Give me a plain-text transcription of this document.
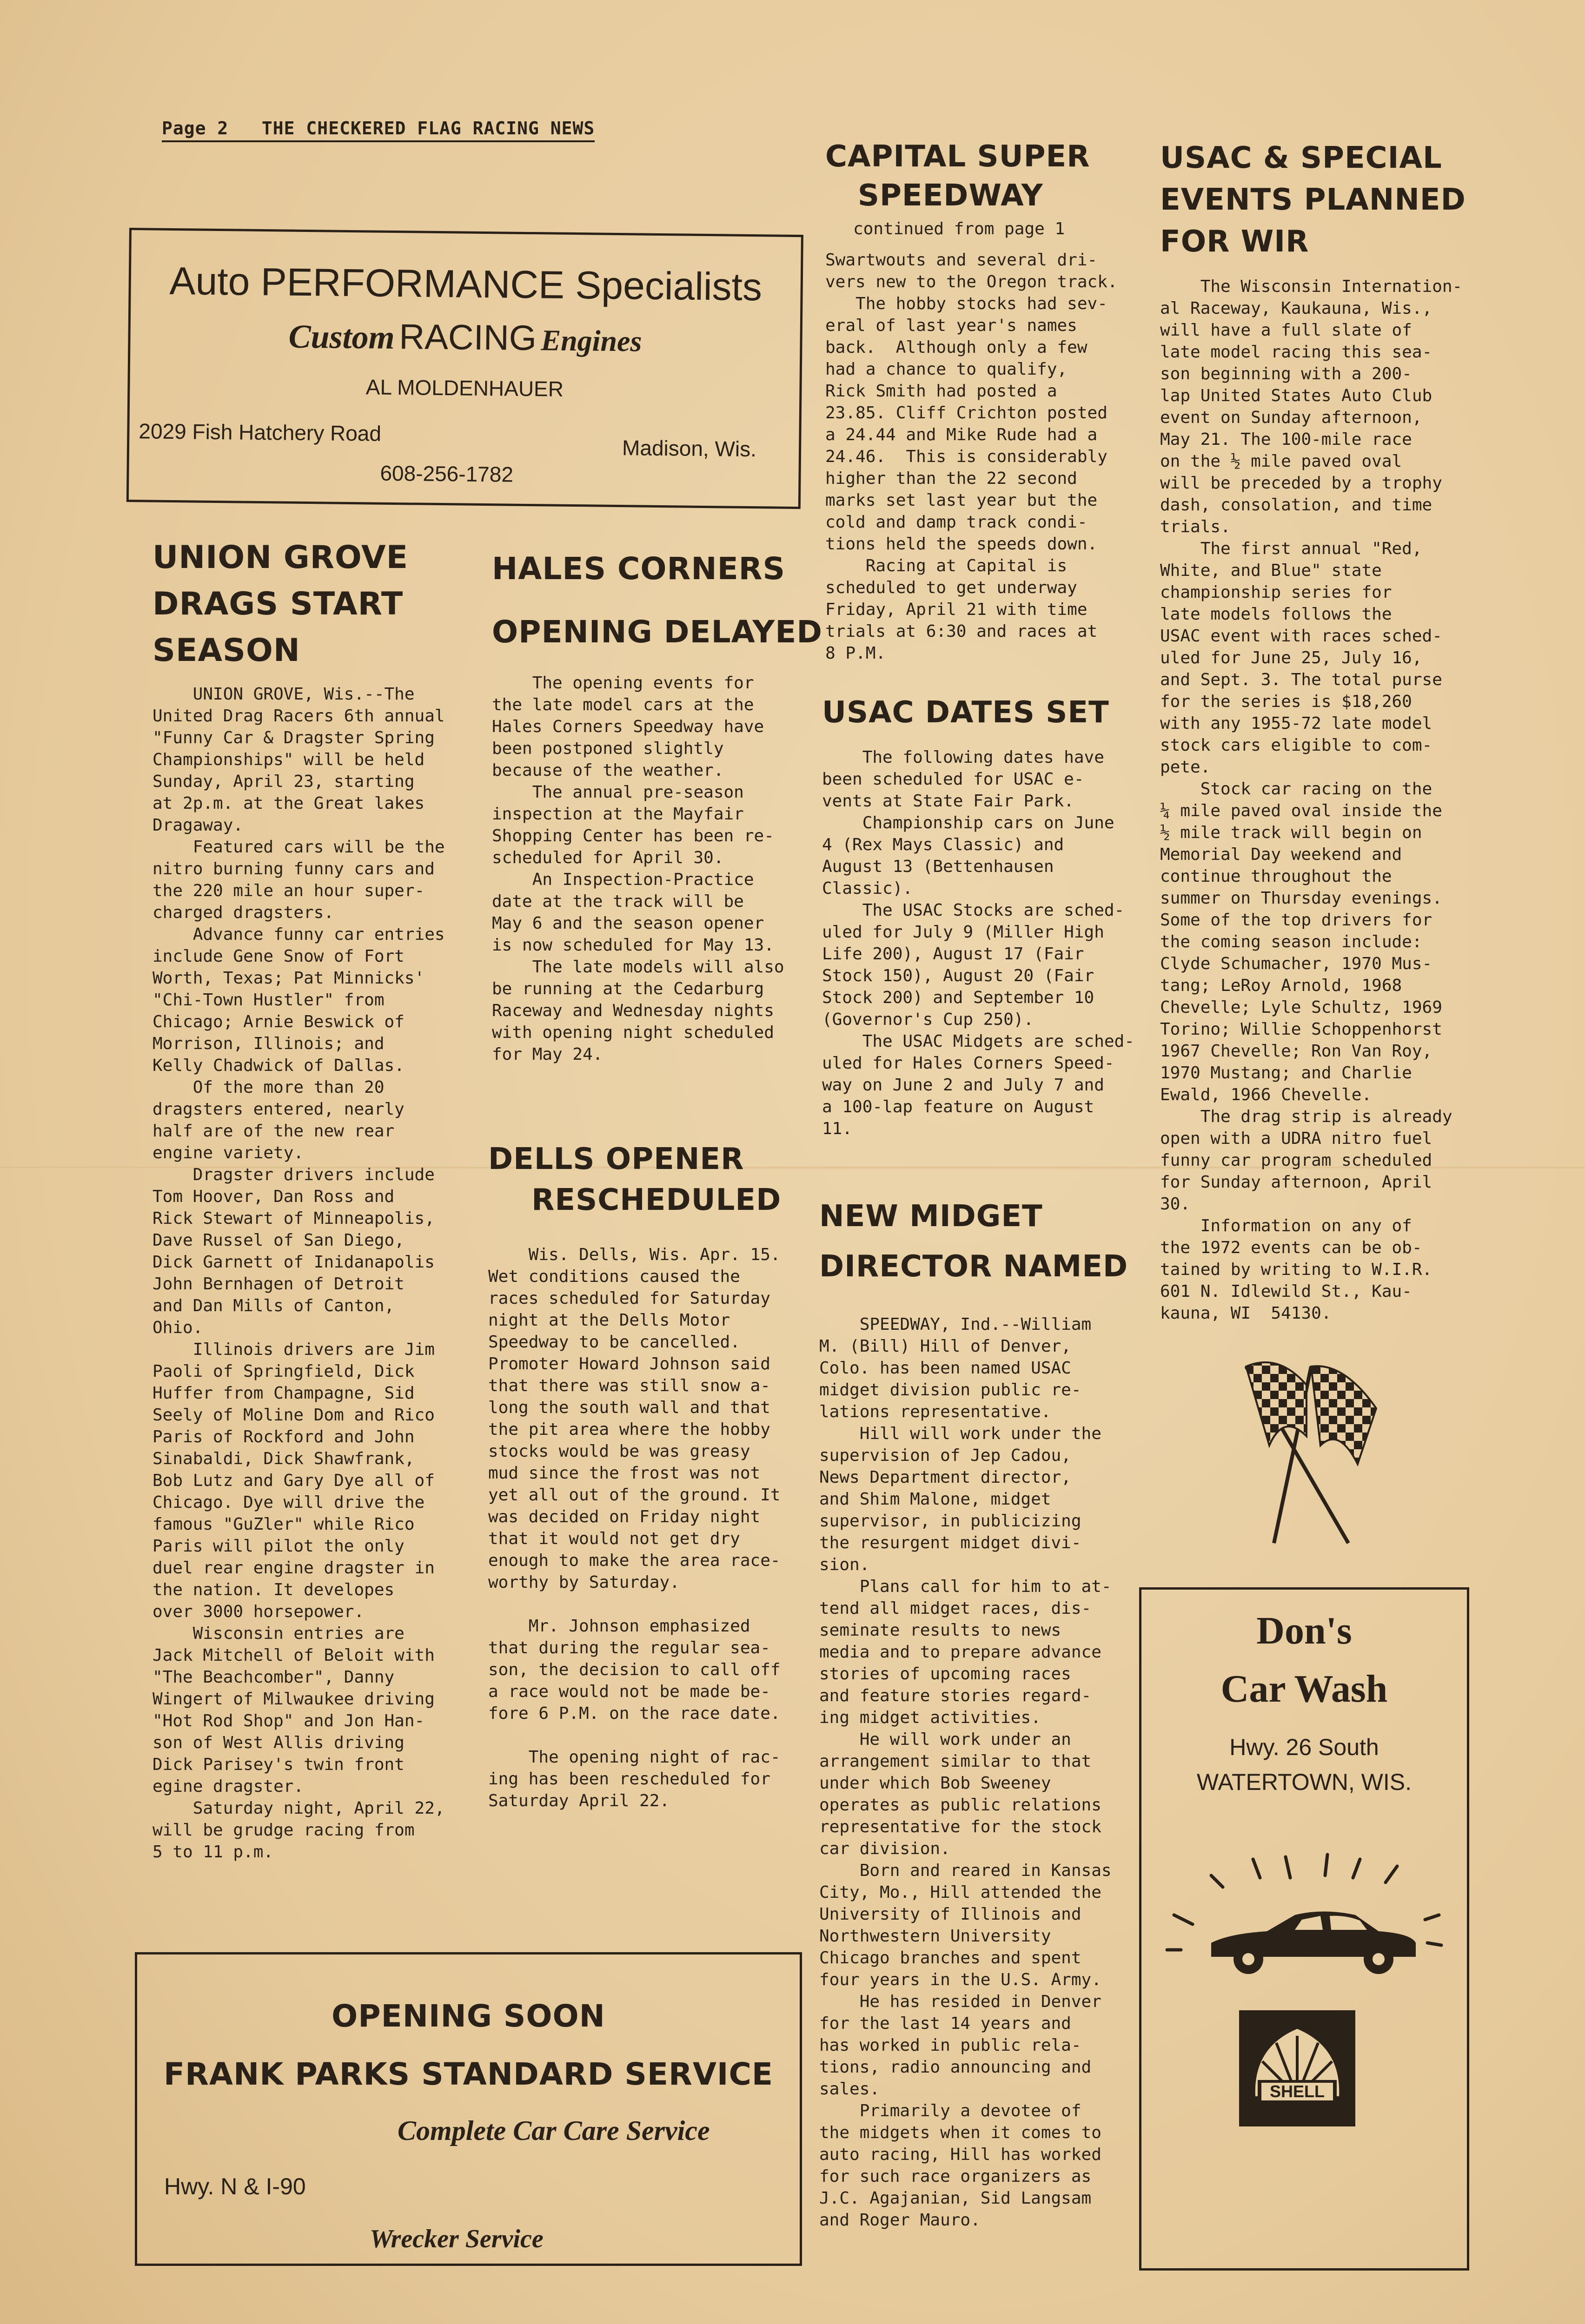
Page 2 THE CHECKERED FLAG RACING NEWS
Auto PERFORMANCE Specialists
Custom RACING Engines
AL MOLDENHAUER
2029 Fish Hatchery Road
Madison, Wis.
608-256-1782
UNION GROVE
DRAGS START
SEASON
UNION GROVE, Wis.--The
United Drag Racers 6th annual
"Funny Car & Dragster Spring
Championships" will be held
Sunday, April 23, starting
at 2p.m. at the Great lakes
Dragaway.
Featured cars will be the
nitro burning funny cars and
the 220 mile an hour super-
charged dragsters.
Advance funny car entries
include Gene Snow of Fort
Worth, Texas; Pat Minnicks'
"Chi-Town Hustler" from
Chicago; Arnie Beswick of
Morrison, Illinois; and
Kelly Chadwick of Dallas.
Of the more than 20
dragsters entered, nearly
half are of the new rear
engine variety.
Dragster drivers include
Tom Hoover, Dan Ross and
Rick Stewart of Minneapolis,
Dave Russel of San Diego,
Dick Garnett of Inidanapolis
John Bernhagen of Detroit
and Dan Mills of Canton,
Ohio.
Illinois drivers are Jim
Paoli of Springfield, Dick
Huffer from Champagne, Sid
Seely of Moline Dom and Rico
Paris of Rockford and John
Sinabaldi, Dick Shawfrank,
Bob Lutz and Gary Dye all of
Chicago. Dye will drive the
famous "GuZler" while Rico
Paris will pilot the only
duel rear engine dragster in
the nation. It developes
over 3000 horsepower.
Wisconsin entries are
Jack Mitchell of Beloit with
"The Beachcomber", Danny
Wingert of Milwaukee driving
"Hot Rod Shop" and Jon Han-
son of West Allis driving
Dick Parisey's twin front
egine dragster.
Saturday night, April 22,
will be grudge racing from
5 to 11 p.m.
HALES CORNERS

OPENING DELAYED
The opening events for
the late model cars at the
Hales Corners Speedway have
been postponed slightly
because of the weather.
The annual pre-season
inspection at the Mayfair
Shopping Center has been re-
scheduled for April 30.
An Inspection-Practice
date at the track will be
May 6 and the season opener
is now scheduled for May 13.
The late models will also
be running at the Cedarburg
Raceway and Wednesday nights
with opening night scheduled
for May 24.
DELLS OPENER
RESCHEDULED
Wis. Dells, Wis. Apr. 15.
Wet conditions caused the
races scheduled for Saturday
night at the Dells Motor
Speedway to be cancelled.
Promoter Howard Johnson said
that there was still snow a-
long the south wall and that
the pit area where the hobby
stocks would be was greasy
mud since the frost was not
yet all out of the ground. It
was decided on Friday night
that it would not get dry
enough to make the area race-
worthy by Saturday.

Mr. Johnson emphasized
that during the regular sea-
son, the decision to call off
a race would not be made be-
fore 6 P.M. on the race date.

The opening night of rac-
ing has been rescheduled for
Saturday April 22.
CAPITAL SUPER
SPEEDWAY
continued from page 1
Swartwouts and several dri-
vers new to the Oregon track.
The hobby stocks had sev-
eral of last year's names
back.  Although only a few
had a chance to qualify,
Rick Smith had posted a
23.85. Cliff Crichton posted
a 24.44 and Mike Rude had a
24.46.  This is considerably
higher than the 22 second
marks set last year but the
cold and damp track condi-
tions held the speeds down.
Racing at Capital is
scheduled to get underway
Friday, April 21 with time
trials at 6:30 and races at
8 P.M.
USAC DATES SET
The following dates have
been scheduled for USAC e-
vents at State Fair Park.
Championship cars on June
4 (Rex Mays Classic) and
August 13 (Bettenhausen
Classic).
The USAC Stocks are sched-
uled for July 9 (Miller High
Life 200), August 17 (Fair
Stock 150), August 20 (Fair
Stock 200) and September 10
(Governor's Cup 250).
The USAC Midgets are sched-
uled for Hales Corners Speed-
way on June 2 and July 7 and
a 100-lap feature on August
11.
NEW MIDGET

DIRECTOR NAMED
SPEEDWAY, Ind.--William
M. (Bill) Hill of Denver,
Colo. has been named USAC
midget division public re-
lations representative.
Hill will work under the
supervision of Jep Cadou,
News Department director,
and Shim Malone, midget
supervisor, in publicizing
the resurgent midget divi-
sion.
Plans call for him to at-
tend all midget races, dis-
seminate results to news
media and to prepare advance
stories of upcoming races
and feature stories regard-
ing midget activities.
He will work under an
arrangement similar to that
under which Bob Sweeney
operates as public relations
representative for the stock
car division.
Born and reared in Kansas
City, Mo., Hill attended the
University of Illinois and
Northwestern University
Chicago branches and spent
four years in the U.S. Army.
He has resided in Denver
for the last 14 years and
has worked in public rela-
tions, radio announcing and
sales.
Primarily a devotee of
the midgets when it comes to
auto racing, Hill has worked
for such race organizers as
J.C. Agajanian, Sid Langsam
and Roger Mauro.
USAC & SPECIAL
EVENTS PLANNED
FOR WIR
The Wisconsin Internation-
al Raceway, Kaukauna, Wis.,
will have a full slate of
late model racing this sea-
son beginning with a 200-
lap United States Auto Club
event on Sunday afternoon,
May 21. The 100-mile race
on the ½ mile paved oval
will be preceded by a trophy
dash, consolation, and time
trials.
The first annual "Red,
White, and Blue" state
championship series for
late models follows the
USAC event with races sched-
uled for June 25, July 16,
and Sept. 3. The total purse
for the series is $18,260
with any 1955-72 late model
stock cars eligible to com-
pete.
Stock car racing on the
¼ mile paved oval inside the
½ mile track will begin on
Memorial Day weekend and
continue throughout the
summer on Thursday evenings.
Some of the top drivers for
the coming season include:
Clyde Schumacher, 1970 Mus-
tang; LeRoy Arnold, 1968
Chevelle; Lyle Schultz, 1969
Torino; Willie Schoppenhorst
1967 Chevelle; Ron Van Roy,
1970 Mustang; and Charlie
Ewald, 1966 Chevelle.
The drag strip is already
open with a UDRA nitro fuel
funny car program scheduled
for Sunday afternoon, April
30.
Information on any of
the 1972 events can be ob-
tained by writing to W.I.R.
601 N. Idlewild St., Kau-
kauna, WI  54130.
OPENING SOON
FRANK PARKS STANDARD SERVICE
Complete Car Care Service
Hwy. N & I-90
Wrecker Service
Don's
Car Wash
Hwy. 26 South
WATERTOWN, WIS.
SHELL
